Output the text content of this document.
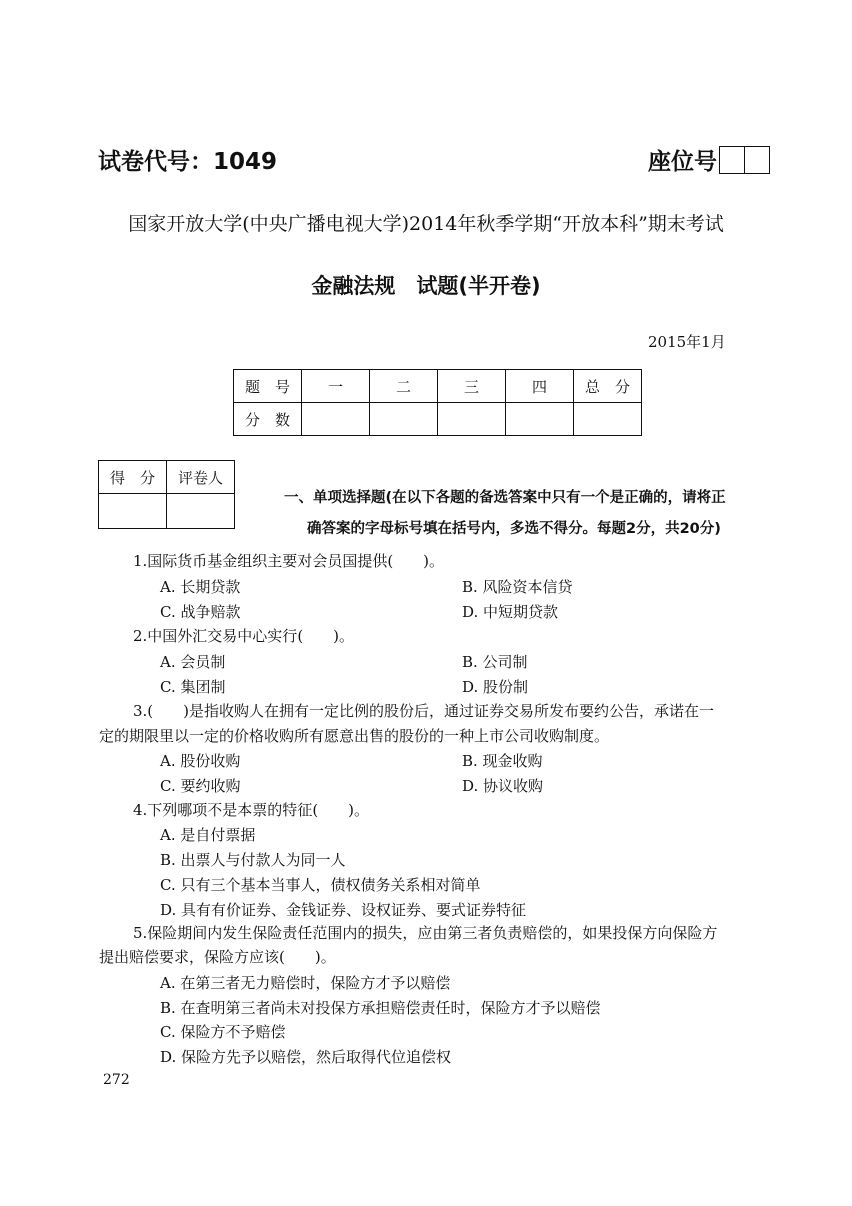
试卷代号：1049	座位号
国家开放大学(中央广播电视大学)2014年秋季学期“开放本科”期末考试
金融法规　试题(半开卷)
2015年1月
题　号	一	二	三	四	总　分
分　数					
得　分	评卷人

一、单项选择题(在以下各题的备选答案中只有一个是正确的，请将正
确答案的字母标号填在括号内，多选不得分。每题2分，共20分)
1.国际货币基金组织主要对会员国提供(　　)。
A. 长期贷款	B. 风险资本信贷
C. 战争赔款	D. 中短期贷款
2.中国外汇交易中心实行(　　)。
A. 会员制	B. 公司制
C. 集团制	D. 股份制
3.(　　)是指收购人在拥有一定比例的股份后，通过证券交易所发布要约公告，承诺在一
定的期限里以一定的价格收购所有愿意出售的股份的一种上市公司收购制度。
A. 股份收购	B. 现金收购
C. 要约收购	D. 协议收购
4.下列哪项不是本票的特征(　　)。
A. 是自付票据
B. 出票人与付款人为同一人
C. 只有三个基本当事人，债权债务关系相对简单
D. 具有有价证券、金钱证券、设权证券、要式证券特征
5.保险期间内发生保险责任范围内的损失，应由第三者负责赔偿的，如果投保方向保险方
提出赔偿要求，保险方应该(　　)。
A. 在第三者无力赔偿时，保险方才予以赔偿
B. 在查明第三者尚未对投保方承担赔偿责任时，保险方才予以赔偿
C. 保险方不予赔偿
D. 保险方先予以赔偿，然后取得代位追偿权
272
